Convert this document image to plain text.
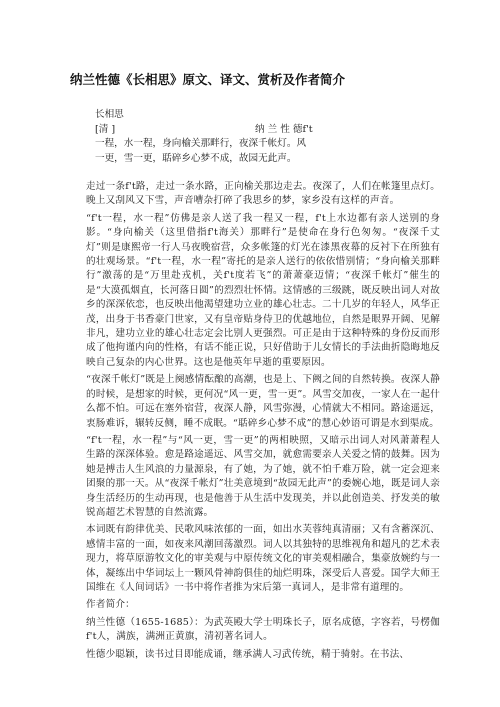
纳兰性德《长相思》原文、译文、赏析及作者简介
长相思
[清 ]	纳 兰 性 德f't
一程，水一程，身向榆关那畔行，夜深千帐灯。风
一更，雪一更，聒碎乡心梦不成，故园无此声。

走过一条f't路，走过一条水路，正向榆关那边走去。夜深了，人们在帐篷里点灯。晚上又刮风又下雪，声音嘈杂打碎了我思乡的梦，家乡没有这样的声音。

“f't一程，水一程”仿佛是亲人送了我一程又一程，f't上水边都有亲人送别的身影。“身向榆关（这里借指f't海关）那畔行”是使命在身行色匆匆。“夜深千丈灯”则是康熙帝一行人马夜晚宿营，众多帐篷的灯光在漆黑夜幕的反衬下在所独有的壮观场景。“f't一程，水一程”寄托的是亲人送行的依依惜别情；“身向榆关那畔行”激荡的是“万里赴戎机，关f't度若飞”的萧萧豪迈情；“夜深千帐灯”催生的是“大漠孤烟直，长河落日圆”的烈烈壮怀情。这情感的三级跳，既反映出词人对故乡的深深依恋，也反映出他渴望建功立业的雄心壮志。二十几岁的年轻人，风华正茂，出身于书香豪门世家，又有皇帝贴身侍卫的优越地位，自然是眼界开阔、见解非凡，建功立业的雄心壮志定会比别人更强烈。可正是由于这种特殊的身份反而形成了他拘谨内向的性格，有话不能正说，只好借助于儿女情长的手法曲折隐晦地反映自己复杂的内心世界。这也是他英年早逝的重要原因。

“夜深千帐灯”既是上阕感情酝酿的高潮，也是上、下阙之间的自然转换。夜深人静的时候，是想家的时候，更何况“风一更，雪一更”。风雪交加夜，一家人在一起什么都不怕。可远在塞外宿营，夜深人静，风雪弥漫，心情就大不相同。路途遥远，衷肠难诉，辗转反侧，睡不成眠。“聒碎乡心梦不成”的慧心妙语可谓是水到渠成。

“f't一程，水一程”与“风一更，雪一更”的两相映照，又暗示出词人对风萧萧程人生路的深深体验。愈是路途遥远、风雪交加，就愈需要亲人关爱之情的鼓舞。因为她是搏击人生风浪的力量源泉，有了她，为了她，就不怕千难万险，就一定会迎来团聚的那一天。从“夜深千帐灯”壮美意境到“故园无此声”的委婉心地，既是词人亲身生活经历的生动再现，也是他善于从生活中发现美，并以此创造美、抒发美的敏锐高超艺术智慧的自然流露。

本词既有韵律优美、民歌风味浓郁的一面，如出水芙蓉纯真清丽；又有含蓄深沉、感情丰富的一面，如夜来风潮回荡激烈。词人以其独特的思维视角和超凡的艺术表现力，将草原游牧文化的审美观与中原传统文化的审美观相融合，集豪放婉约与一体，凝练出中华词坛上一颗风骨神韵俱佳的灿烂明珠，深受后人喜爱。国学大师王国维在《人间词话》一书中将作者推为宋后第一真词人，是非常有道理的。

作者简介：

纳兰性德（1655-1685）：为武英殿大学士明珠长子，原名成德，字容若，号楞伽f't人，满族，满洲正黄旗，清初著名词人。

性德少聪颖，读书过目即能成诵，继承满人习武传统，精于骑射。在书法、
